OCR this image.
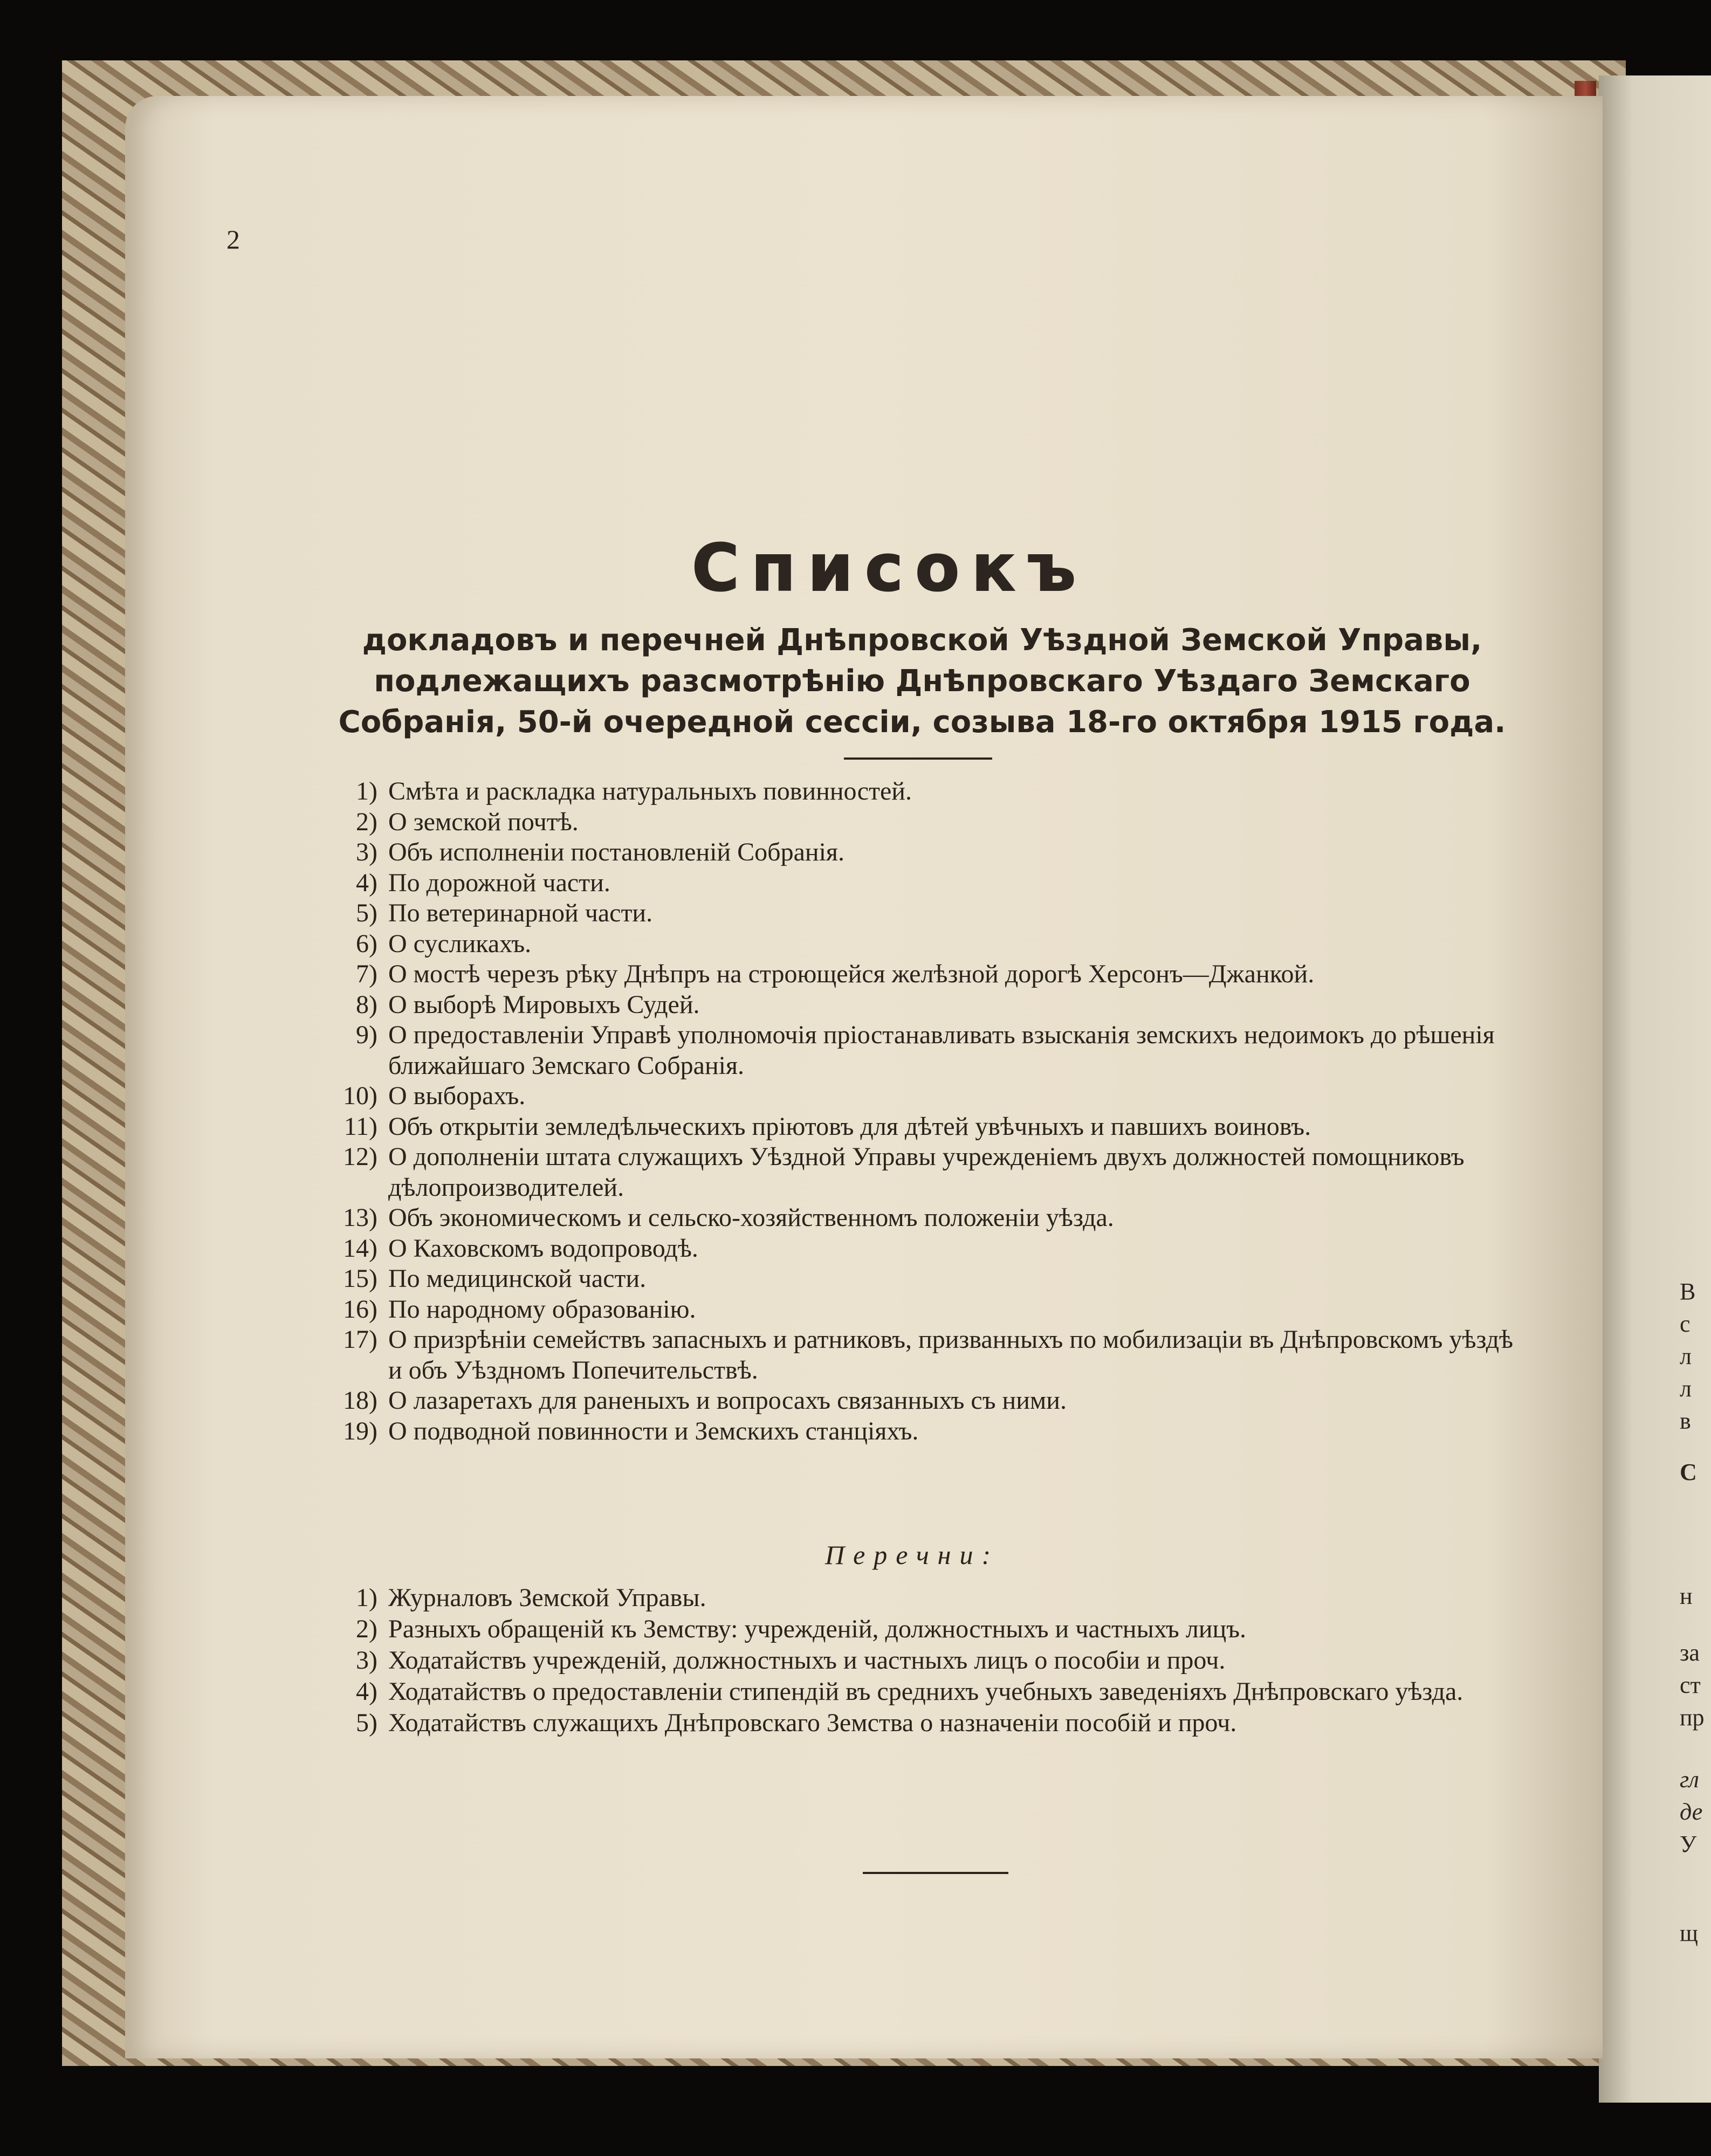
В
с
л
л
в
С
н
за
ст
пр
гл
де
У
щ
2
Списокъ
докладовъ и перечней Днѣпровской Уѣздной Земской Управы, подлежащихъ разсмотрѣнію Днѣпровскаго Уѣздаго Земскаго Собранія, 50-й очередной сессіи, созыва 18-го октября 1915 года.
1) Смѣта и раскладка натуральныхъ повинностей.
2) О земской почтѣ.
3) Объ исполненіи постановленій Собранія.
4) По дорожной части.
5) По ветеринарной части.
6) О сусликахъ.
7) О мостѣ черезъ рѣку Днѣпръ на строющейся желѣзной дорогѣ Херсонъ—Джанкой.
8) О выборѣ Мировыхъ Судей.
9) О предоставленіи Управѣ уполномочія пріостанавливать взысканія земскихъ недоимокъ до рѣшенія ближайшаго Земскаго Собранія.
10) О выборахъ.
11) Объ открытіи земледѣльческихъ пріютовъ для дѣтей увѣчныхъ и павшихъ воиновъ.
12) О дополненіи штата служащихъ Уѣздной Управы учрежденіемъ двухъ должностей помощниковъ дѣлопроизводителей.
13) Объ экономическомъ и сельско-хозяйственномъ положеніи уѣзда.
14) О Каховскомъ водопроводѣ.
15) По медицинской части.
16) По народному образованію.
17) О призрѣніи семействъ запасныхъ и ратниковъ, призванныхъ по мобилизаціи въ Днѣпровскомъ уѣздѣ и объ Уѣздномъ Попечительствѣ.
18) О лазаретахъ для раненыхъ и вопросахъ связанныхъ съ ними.
19) О подводной повинности и Земскихъ станціяхъ.
Перечни:
1) Журналовъ Земской Управы.
2) Разныхъ обращеній къ Земству: учрежденій, должностныхъ и частныхъ лицъ.
3) Ходатайствъ учрежденій, должностныхъ и частныхъ лицъ о пособіи и проч.
4) Ходатайствъ о предоставленіи стипендій въ среднихъ учебныхъ заведеніяхъ Днѣпровскаго уѣзда.
5) Ходатайствъ служащихъ Днѣпровскаго Земства о назначеніи пособій и проч.
